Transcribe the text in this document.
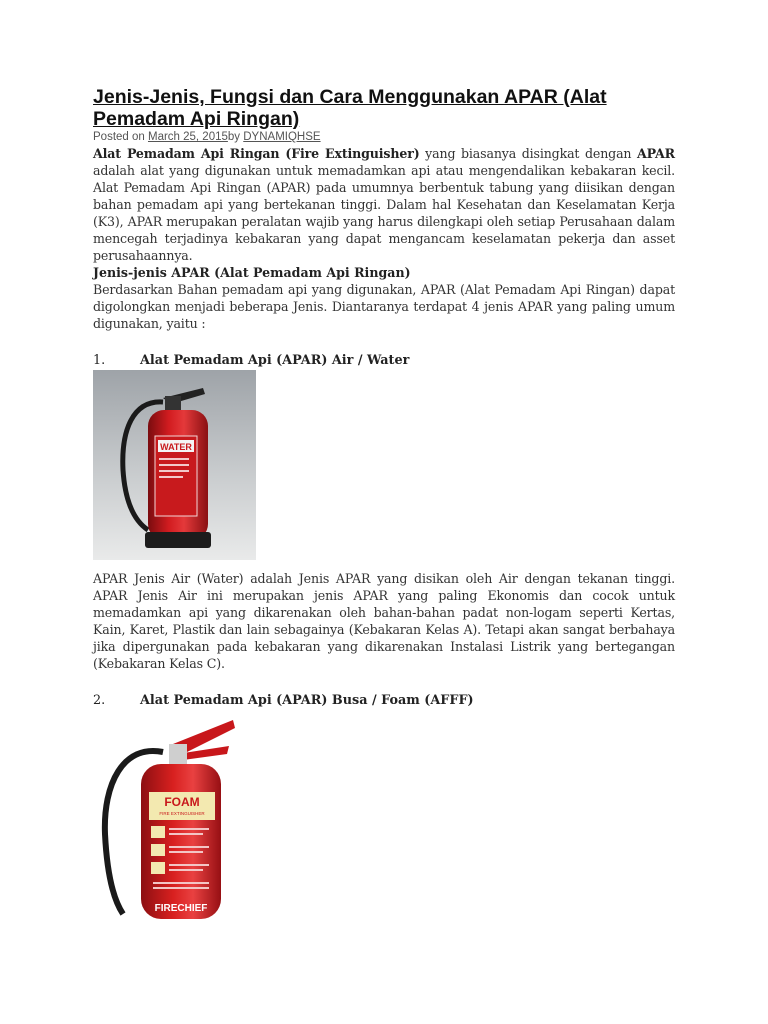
Jenis-Jenis, Fungsi dan Cara Menggunakan APAR (Alat Pemadam Api Ringan)
Posted on March 25, 2015by DYNAMIQHSE

Alat Pemadam Api Ringan (Fire Extinguisher) yang biasanya disingkat dengan APAR adalah alat yang digunakan untuk memadamkan api atau mengendalikan kebakaran kecil. Alat Pemadam Api Ringan (APAR) pada umumnya berbentuk tabung yang diisikan dengan bahan pemadam api yang bertekanan tinggi. Dalam hal Kesehatan dan Keselamatan Kerja (K3), APAR merupakan peralatan wajib yang harus dilengkapi oleh setiap Perusahaan dalam mencegah terjadinya kebakaran yang dapat mengancam keselamatan pekerja dan asset perusahaannya.

Jenis-jenis APAR (Alat Pemadam Api Ringan)

Berdasarkan Bahan pemadam api yang digunakan, APAR (Alat Pemadam Api Ringan) dapat digolongkan menjadi beberapa Jenis. Diantaranya terdapat 4 jenis APAR yang paling umum digunakan, yaitu :

1.	Alat Pemadam Api (APAR) Air / Water
WATER

APAR Jenis Air (Water) adalah Jenis APAR yang disikan oleh Air dengan tekanan tinggi. APAR Jenis Air ini merupakan jenis APAR yang paling Ekonomis dan cocok untuk memadamkan api yang dikarenakan oleh bahan-bahan padat non-logam seperti Kertas, Kain, Karet, Plastik dan lain sebagainya (Kebakaran Kelas A). Tetapi akan sangat berbahaya jika dipergunakan pada kebakaran yang dikarenakan Instalasi Listrik yang bertegangan (Kebakaran Kelas C).

2.	Alat Pemadam Api (APAR) Busa / Foam (AFFF)
FOAM
FIRE EXTINGUISHER
FIRECHIEF
